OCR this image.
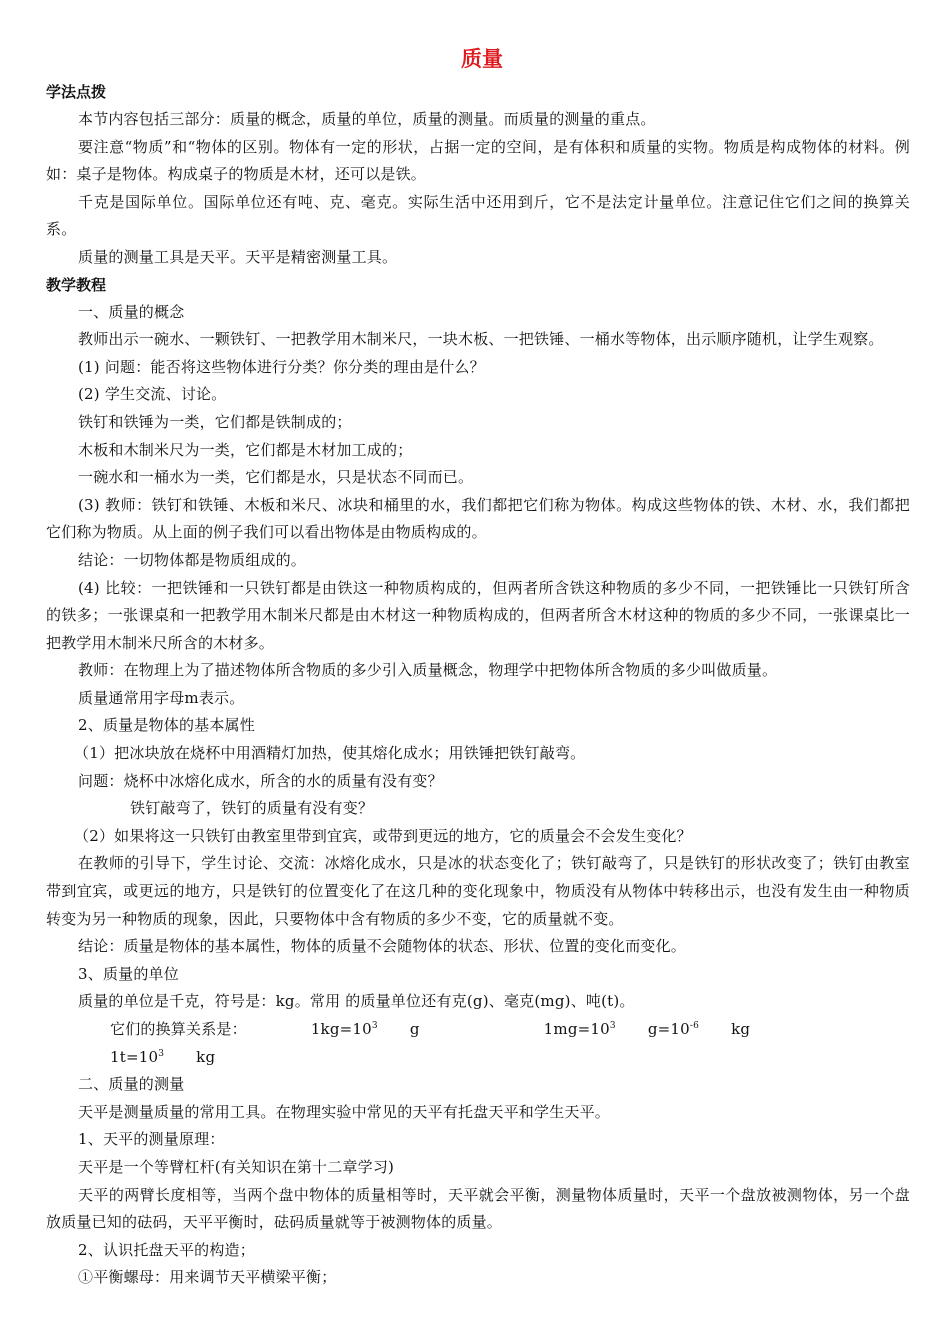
质量
学法点拨

本节内容包括三部分：质量的概念，质量的单位，质量的测量。而质量的测量的重点。

要注意“物质”和“物体的区别。物体有一定的形状，占据一定的空间，是有体积和质量的实物。物质是构成物体的材料。例如：桌子是物体。构成桌子的物质是木材，还可以是铁。

千克是国际单位。国际单位还有吨、克、毫克。实际生活中还用到斤，它不是法定计量单位。注意记住它们之间的换算关系。

质量的测量工具是天平。天平是精密测量工具。

教学教程

一、质量的概念

教师出示一碗水、一颗铁钉、一把教学用木制米尺，一块木板、一把铁锤、一桶水等物体，出示顺序随机，让学生观察。

(1) 问题：能否将这些物体进行分类？你分类的理由是什么？

(2) 学生交流、讨论。

铁钉和铁锤为一类，它们都是铁制成的；

木板和木制米尺为一类，它们都是木材加工成的；

一碗水和一桶水为一类，它们都是水，只是状态不同而已。

(3) 教师：铁钉和铁锤、木板和米尺、冰块和桶里的水，我们都把它们称为物体。构成这些物体的铁、木材、水，我们都把它们称为物质。从上面的例子我们可以看出物体是由物质构成的。

结论：一切物体都是物质组成的。

(4) 比较：一把铁锤和一只铁钉都是由铁这一种物质构成的，但两者所含铁这种物质的多少不同，一把铁锤比一只铁钉所含的铁多；一张课桌和一把教学用木制米尺都是由木材这一种物质构成的，但两者所含木材这种的物质的多少不同，一张课桌比一把教学用木制米尺所含的木材多。

教师：在物理上为了描述物体所含物质的多少引入质量概念，物理学中把物体所含物质的多少叫做质量。

质量通常用字母m表示。

2、质量是物体的基本属性

（1）把冰块放在烧杯中用酒精灯加热，使其熔化成水；用铁锤把铁钉敲弯。

问题：烧杯中冰熔化成水，所含的水的质量有没有变？

铁钉敲弯了，铁钉的质量有没有变？

（2）如果将这一只铁钉由教室里带到宜宾，或带到更远的地方，它的质量会不会发生变化？

在教师的引导下，学生讨论、交流：冰熔化成水，只是冰的状态变化了；铁钉敲弯了，只是铁钉的形状改变了；铁钉由教室带到宜宾，或更远的地方，只是铁钉的位置变化了在这几种的变化现象中，物质没有从物体中转移出示，也没有发生由一种物质转变为另一种物质的现象，因此，只要物体中含有物质的多少不变，它的质量就不变。

结论：质量是物体的基本属性，物体的质量不会随物体的状态、形状、位置的变化而变化。

3、质量的单位

质量的单位是千克，符号是：kg。常用 的质量单位还有克(g)、毫克(mg)、吨(t)。

它们的换算关系是：	$1kg=10^3$ g	$1mg=10^3$ $g=10^{-6}$ $kg1t=10^3$ kg

二、质量的测量

天平是测量质量的常用工具。在物理实验中常见的天平有托盘天平和学生天平。

1、天平的测量原理：

天平是一个等臂杠杆(有关知识在第十二章学习)

天平的两臂长度相等，当两个盘中物体的质量相等时，天平就会平衡，测量物体质量时，天平一个盘放被测物体，另一个盘放质量已知的砝码，天平平衡时，砝码质量就等于被测物体的质量。

2、认识托盘天平的构造；

①平衡螺母：用来调节天平横梁平衡；
